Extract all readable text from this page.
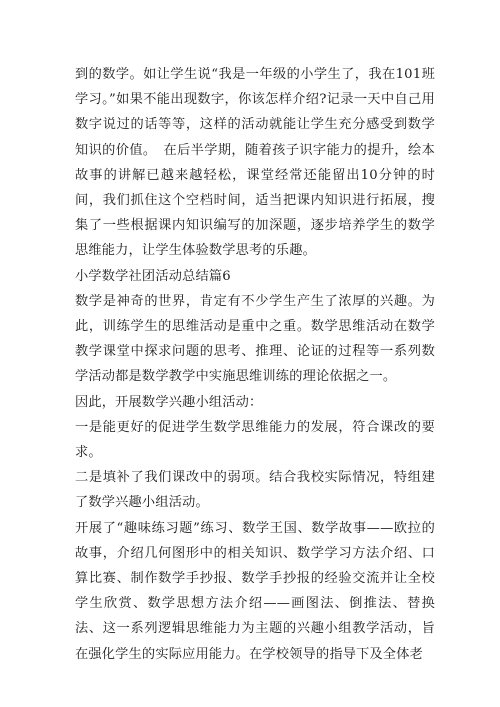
到的数学。如让学生说“我是一年级的小学生了，我在101班学习。”如果不能出现数字，你该怎样介绍?记录一天中自己用数字说过的话等等，这样的活动就能让学生充分感受到数学知识的价值。　在后半学期，随着孩子识字能力的提升，绘本故事的讲解已越来越轻松，课堂经常还能留出10分钟的时间，我们抓住这个空档时间，适当把课内知识进行拓展，搜集了一些根据课内知识编写的加深题，逐步培养学生的数学思维能力，让学生体验数学思考的乐趣。

小学数学社团活动总结篇6

数学是神奇的世界，肯定有不少学生产生了浓厚的兴趣。为此，训练学生的思维活动是重中之重。数学思维活动在数学教学课堂中探求问题的思考、推理、论证的过程等一系列数学活动都是数学教学中实施思维训练的理论依据之一。

因此，开展数学兴趣小组活动：

一是能更好的促进学生数学思维能力的发展，符合课改的要求。

二是填补了我们课改中的弱项。结合我校实际情况，特组建了数学兴趣小组活动。

开展了“趣味练习题”练习、数学王国、数学故事——欧拉的故事，介绍几何图形中的相关知识、数学学习方法介绍、口算比赛、制作数学手抄报、数学手抄报的经验交流并让全校学生欣赏、数学思想方法介绍——画图法、倒推法、替换法、这一系列逻辑思维能力为主题的兴趣小组教学活动，旨在强化学生的实际应用能力。在学校领导的指导下及全体老
